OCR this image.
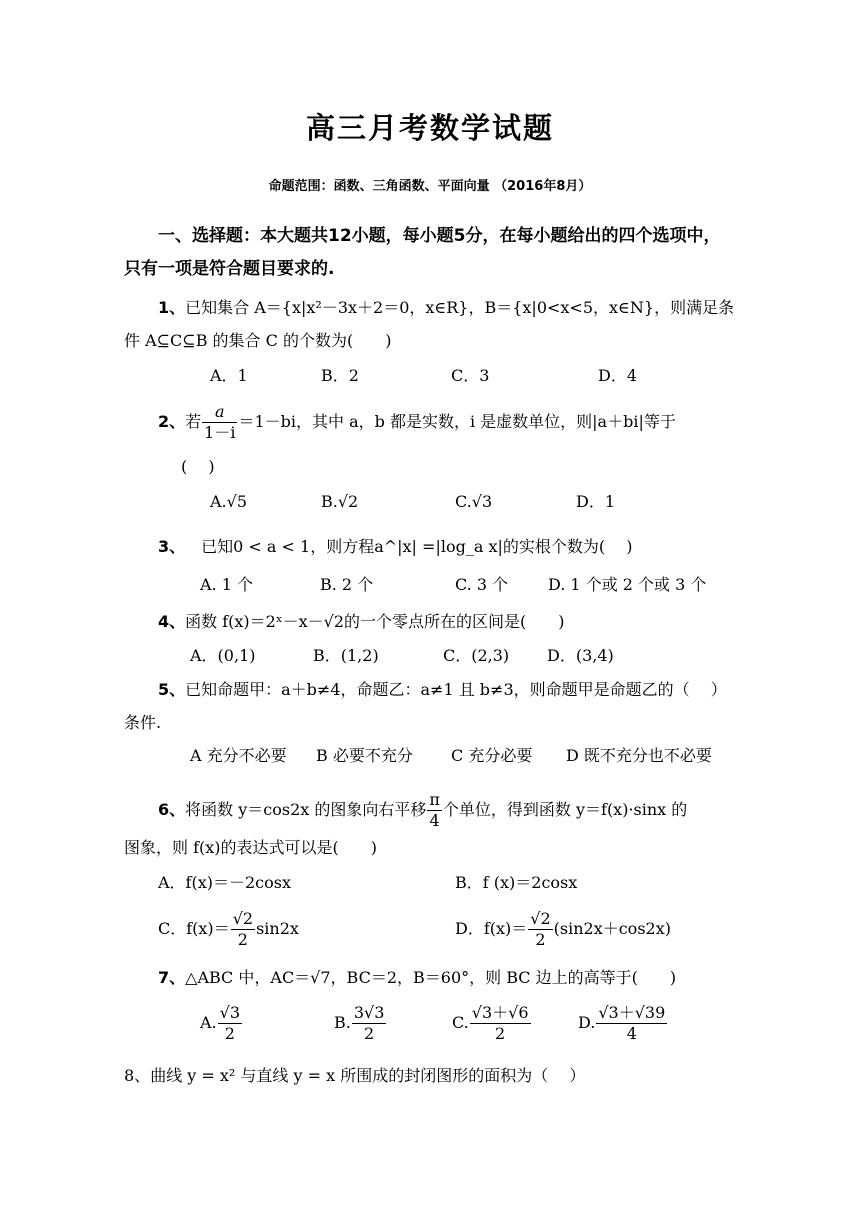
高三月考数学试题
命题范围：函数、三角函数、平面向量 （2016年8月）
一、选择题：本大题共12小题，每小题5分，在每小题给出的四个选项中，
只有一项是符合题目要求的.
1、已知集合 A＝{x|x²－3x＋2＝0，x∈R}，B＝{x|0<x<5，x∈N}，则满足条
件 A⊆C⊆B 的集合 C 的个数为(　　)
A．1	B．2	C．3	D．4
2、若 $\frac{a}{1-i} =1-bi$，其中 a，b 都是实数，i 是虚数单位，则|a＋bi|等于
(　 )
A.√5	B.√2	C.√3	D．1
3、 已知0 < a < 1，则方程a^|x| =|log_a x|的实根个数为(　 )
A. 1 个	B. 2 个	C. 3 个 D. 1 个或 2 个或 3 个
4、函数 f(x)＝2ˣ－x－√2的一个零点所在的区间是(　　)
A．(0,1)	B．(1,2)	C．(2,3) D．(3,4)
5、已知命题甲：a＋b≠4，命题乙：a≠1 且 b≠3，则命题甲是命题乙的（　 ）
条件.
A 充分不必要 B 必要不充分 C 充分必要 D 既不充分也不必要
6、将函数 y＝cos2x 的图象向右平移 $\frac{\pi}{4}$ 个单位，得到函数 y＝f(x)·sinx 的
图象，则 f(x)的表达式可以是(　　)
A．f(x)＝－2cosx	B．f (x)＝2cosx
C．$f(x)= \frac{√2}{2} \sin 2x$	D．$f(x)= \frac{√2}{2} (\sin 2x+\cos 2x)$
7、△ABC 中，AC＝√7，BC＝2，B＝60°，则 BC 边上的高等于(　　)
A. $\frac{√3}{2}$	B. $\frac{3√3}{2}$	C. $\frac{√3+√6}{2}$	D. $\frac{√3+√39}{4}$
8、曲线 y = x² 与直线 y = x 所围成的封闭图形的面积为（　 ）
